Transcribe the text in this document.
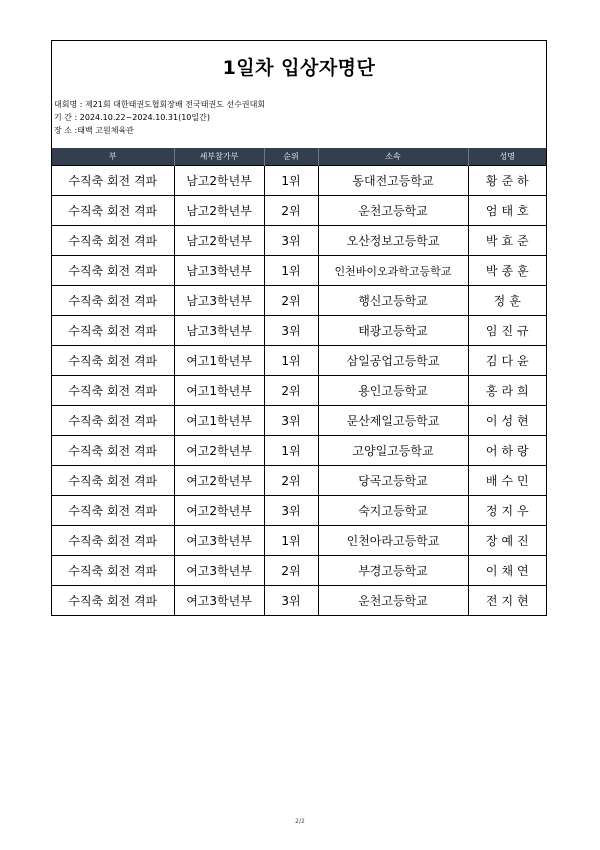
1일차 입상자명단
대회명 : 제21회 대한태권도협회장배 전국태권도 선수권대회
기 간 : 2024.10.22~2024.10.31(10일간)
장 소 :태백 고원체육관
부	세부참가부	순위	소속	성명
수직축 회전 격파	남고2학년부	1위	동대전고등학교	황준하
수직축 회전 격파	남고2학년부	2위	운천고등학교	엄태호
수직축 회전 격파	남고2학년부	3위	오산정보고등학교	박효준
수직축 회전 격파	남고3학년부	1위	인천바이오과학고등학교	박종훈
수직축 회전 격파	남고3학년부	2위	행신고등학교	정훈
수직축 회전 격파	남고3학년부	3위	태광고등학교	임진규
수직축 회전 격파	여고1학년부	1위	삼일공업고등학교	김다윤
수직축 회전 격파	여고1학년부	2위	용인고등학교	홍라희
수직축 회전 격파	여고1학년부	3위	문산제일고등학교	이성현
수직축 회전 격파	여고2학년부	1위	고양일고등학교	어하랑
수직축 회전 격파	여고2학년부	2위	당곡고등학교	배수민
수직축 회전 격파	여고2학년부	3위	숙지고등학교	정지우
수직축 회전 격파	여고3학년부	1위	인천아라고등학교	장예진
수직축 회전 격파	여고3학년부	2위	부경고등학교	이채연
수직축 회전 격파	여고3학년부	3위	운천고등학교	전지현
2/2
